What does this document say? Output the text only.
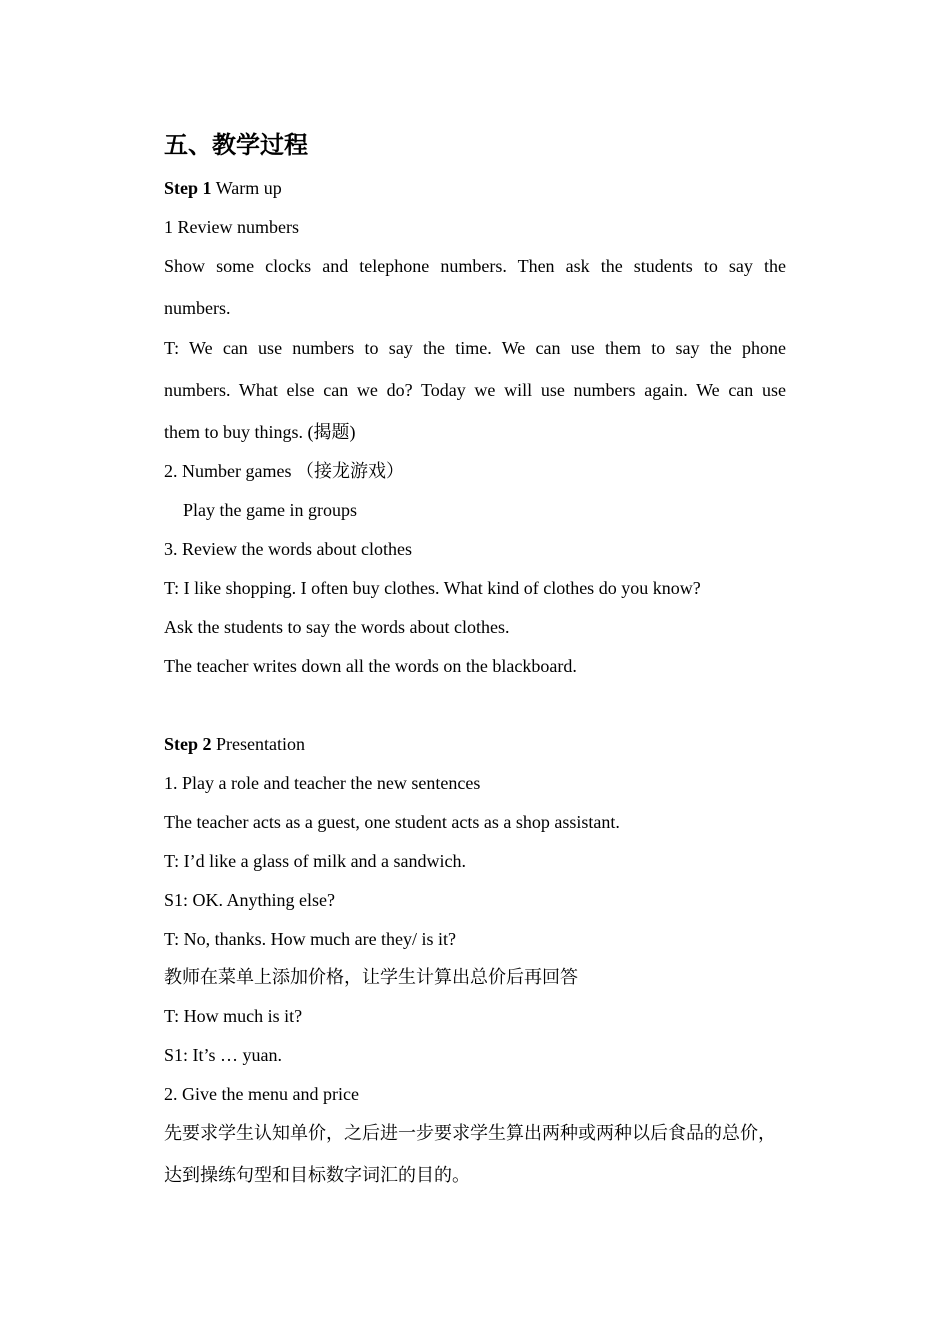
五、教学过程
Step 1 Warm up
1 Review numbers
Show some clocks and telephone numbers. Then ask the students to say the
numbers.
T: We can use numbers to say the time. We can use them to say the phone
numbers. What else can we do? Today we will use numbers again. We can use
them to buy things. (揭题)
2. Number games （接龙游戏）
Play the game in groups
3. Review the words about clothes
T: I like shopping. I often buy clothes. What kind of clothes do you know?
Ask the students to say the words about clothes.
The teacher writes down all the words on the blackboard.
Step 2 Presentation
1. Play a role and teacher the new sentences
The teacher acts as a guest, one student acts as a shop assistant.
T: I’d like a glass of milk and a sandwich.
S1: OK. Anything else?
T: No, thanks. How much are they/ is it?
教师在菜单上添加价格，让学生计算出总价后再回答
T: How much is it?
S1: It’s … yuan.
2. Give the menu and price
先要求学生认知单价，之后进一步要求学生算出两种或两种以后食品的总价，
达到操练句型和目标数字词汇的目的。
